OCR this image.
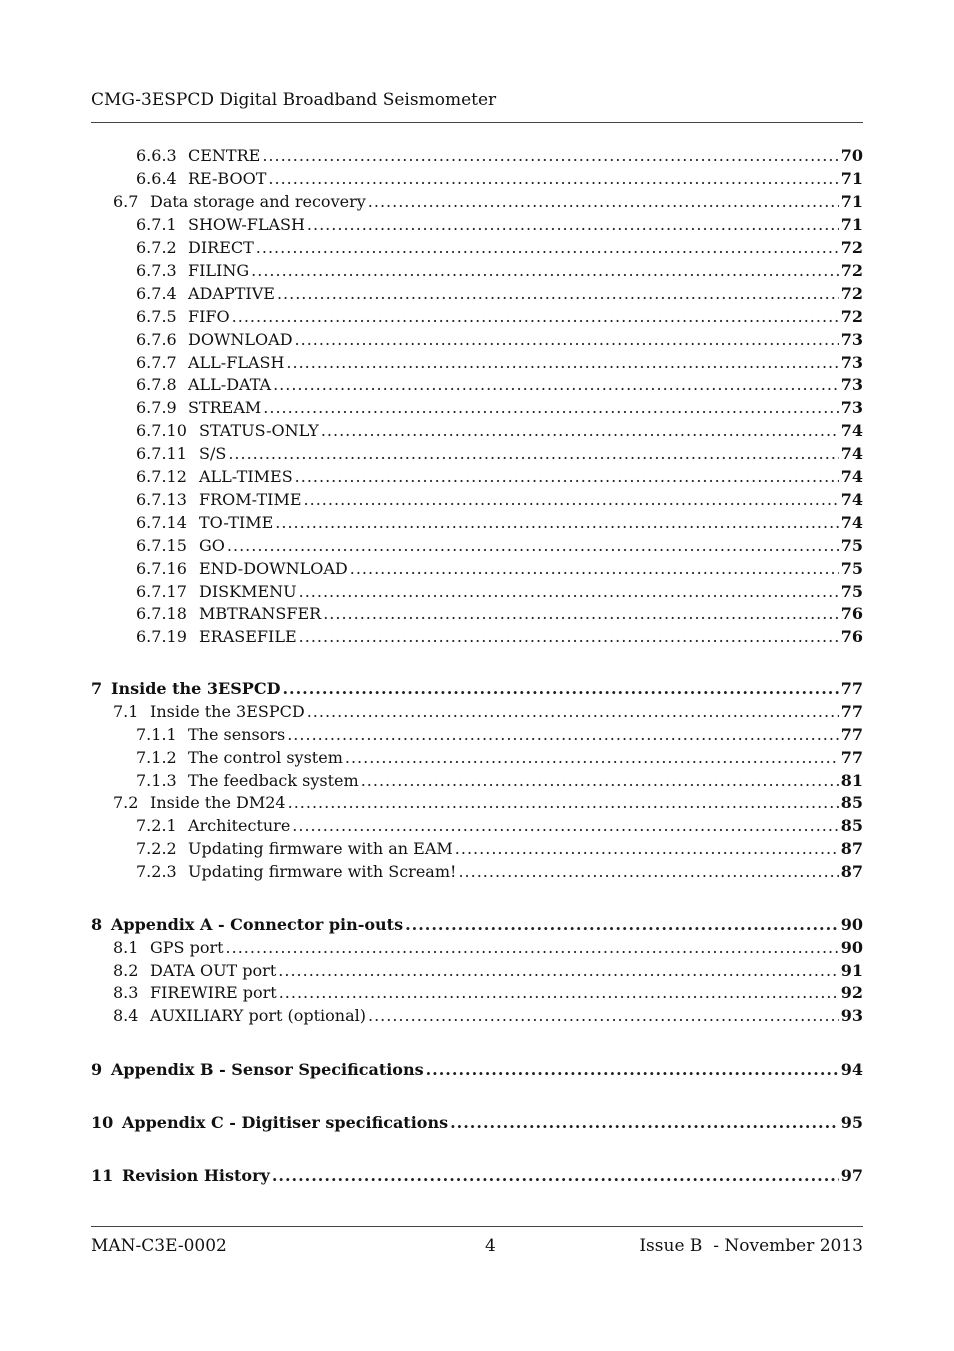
CMG-3ESPCD Digital Broadband Seismometer
6.6.3 CENTRE .....	70
6.6.4 RE-BOOT .....	71
6.7 Data storage and recovery .....	71
6.7.1 SHOW-FLASH .....	71
6.7.2 DIRECT .....	72
6.7.3 FILING .....	72
6.7.4 ADAPTIVE .....	72
6.7.5 FIFO .....	72
6.7.6 DOWNLOAD .....	73
6.7.7 ALL-FLASH .....	73
6.7.8 ALL-DATA .....	73
6.7.9 STREAM .....	73
6.7.10 STATUS-ONLY .....	74
6.7.11 S/S .....	74
6.7.12 ALL-TIMES .....	74
6.7.13 FROM-TIME .....	74
6.7.14 TO-TIME .....	74
6.7.15 GO .....	75
6.7.16 END-DOWNLOAD .....	75
6.7.17 DISKMENU .....	75
6.7.18 MBTRANSFER .....	76
6.7.19 ERASEFILE .....	76
7 Inside the 3ESPCD .....	77
7.1 Inside the 3ESPCD .....	77
7.1.1 The sensors .....	77
7.1.2 The control system .....	77
7.1.3 The feedback system .....	81
7.2 Inside the DM24 .....	85
7.2.1 Architecture .....	85
7.2.2 Updating firmware with an EAM .....	87
7.2.3 Updating firmware with Scream! .....	87
8 Appendix A - Connector pin-outs .....	90
8.1 GPS port .....	90
8.2 DATA OUT port .....	91
8.3 FIREWIRE port .....	92
8.4 AUXILIARY port (optional) .....	93
9 Appendix B - Sensor Specifications .....	94
10 Appendix C - Digitiser specifications .....	95
11 Revision History .....	97
MAN-C3E-0002	4	Issue B  - November 2013
